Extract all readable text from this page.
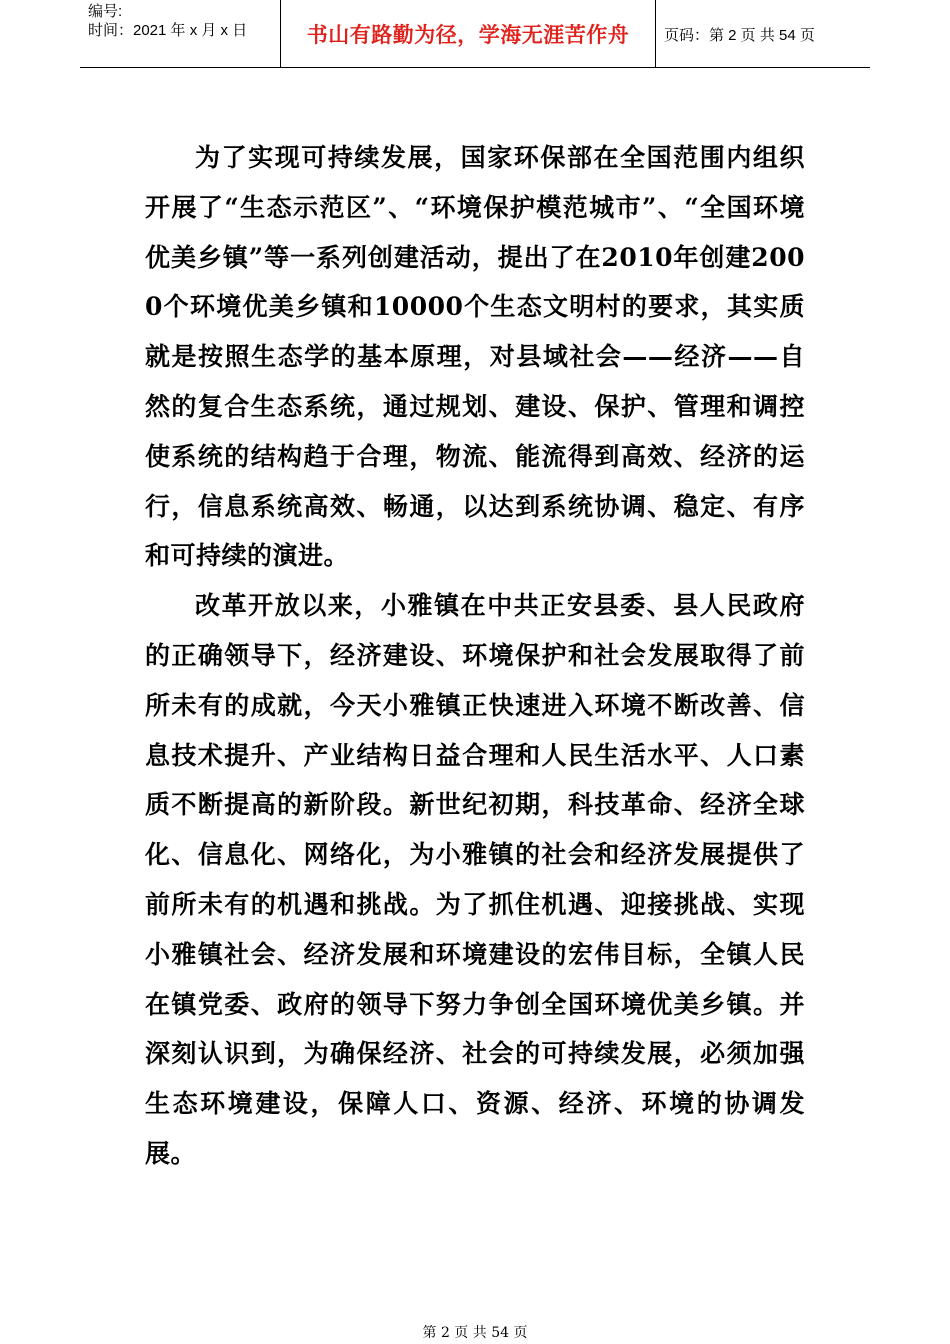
编号:
时间：2021 年 x 月 x 日	书山有路勤为径，学海无涯苦作舟 页码：第 2 页 共 54 页

为了实现可持续发展，国家环保部在全国范围内组织开展了“生态示范区”、“环境保护模范城市”、“全国环境优美乡镇”等一系列创建活动，提出了在2010年创建2000个环境优美乡镇和10000个生态文明村的要求，其实质就是按照生态学的基本原理，对县域社会——经济——自然的复合生态系统，通过规划、建设、保护、管理和调控使系统的结构趋于合理，物流、能流得到高效、经济的运行，信息系统高效、畅通，以达到系统协调、稳定、有序和可持续的演进。

改革开放以来，小雅镇在中共正安县委、县人民政府的正确领导下，经济建设、环境保护和社会发展取得了前所未有的成就，今天小雅镇正快速进入环境不断改善、信息技术提升、产业结构日益合理和人民生活水平、人口素质不断提高的新阶段。新世纪初期，科技革命、经济全球化、信息化、网络化，为小雅镇的社会和经济发展提供了前所未有的机遇和挑战。为了抓住机遇、迎接挑战、实现小雅镇社会、经济发展和环境建设的宏伟目标，全镇人民在镇党委、政府的领导下努力争创全国环境优美乡镇。并深刻认识到，为确保经济、社会的可持续发展，必须加强生态环境建设，保障人口、资源、经济、环境的协调发展。

第 2 页 共 54 页
